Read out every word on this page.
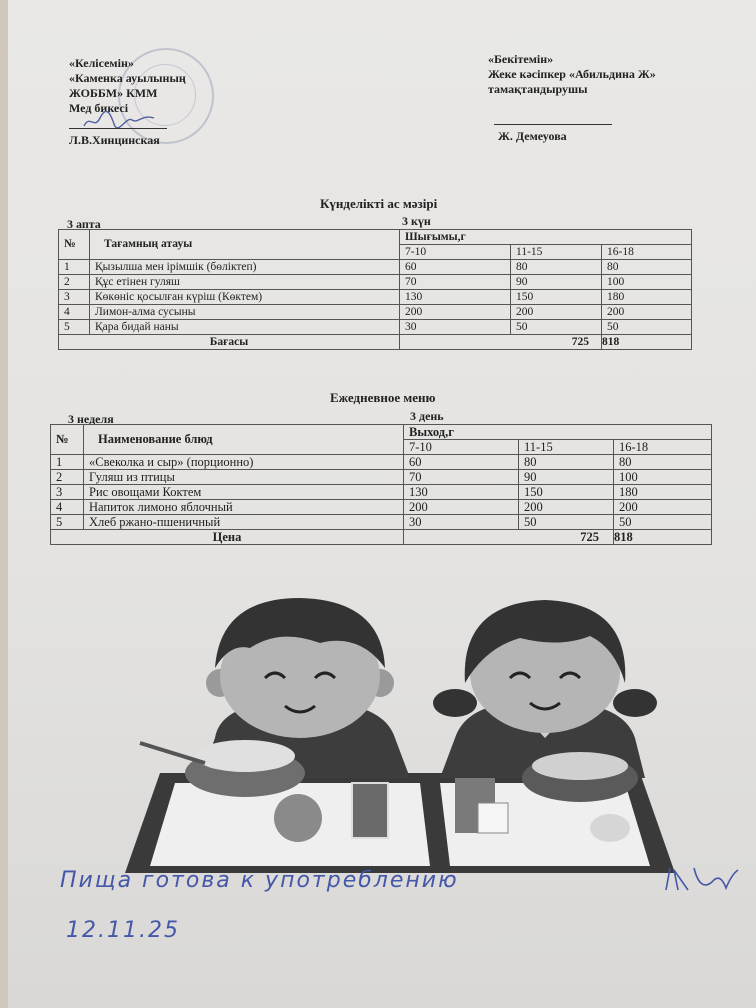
«Келісемін»
«Каменка ауылының
ЖОББМ» КММ
Мед бикесі
Л.В.Хинцинская
«Бекітемін»
Жеке кәсіпкер «Абильдина Ж»
тамақтандырушы
Ж. Демеуова
Күнделікті ас мәзірі
3 апта	3 күн
№	Тағамның атауы	Шығымы,г		
		7-10	11-15	16-18
1	Қызылша мен ірімшік (бөліктеп)	60	80	80
2	Құс етінен гуляш	70	90	100
3	Көкөніс қосылған күріш (Көктем)	130	150	180
4	Лимон-алма сусыны	200	200	200
5	Қара бидай наны	30	50	50
Бағасы		725		818
Ежедневное меню
3 неделя	3 день
№	Наименование блюд	Выход,г		
		7-10	11-15	16-18
1	«Свеколка и сыр» (порционно)	60	80	80
2	Гуляш из птицы	70	90	100
3	Рис овощами Коктем	130	150	180
4	Напиток лимоно яблочный	200	200	200
5	Хлеб ржано-пшеничный	30	50	50
Цена		725		818
Пища готова к употреблению
12.11.25
